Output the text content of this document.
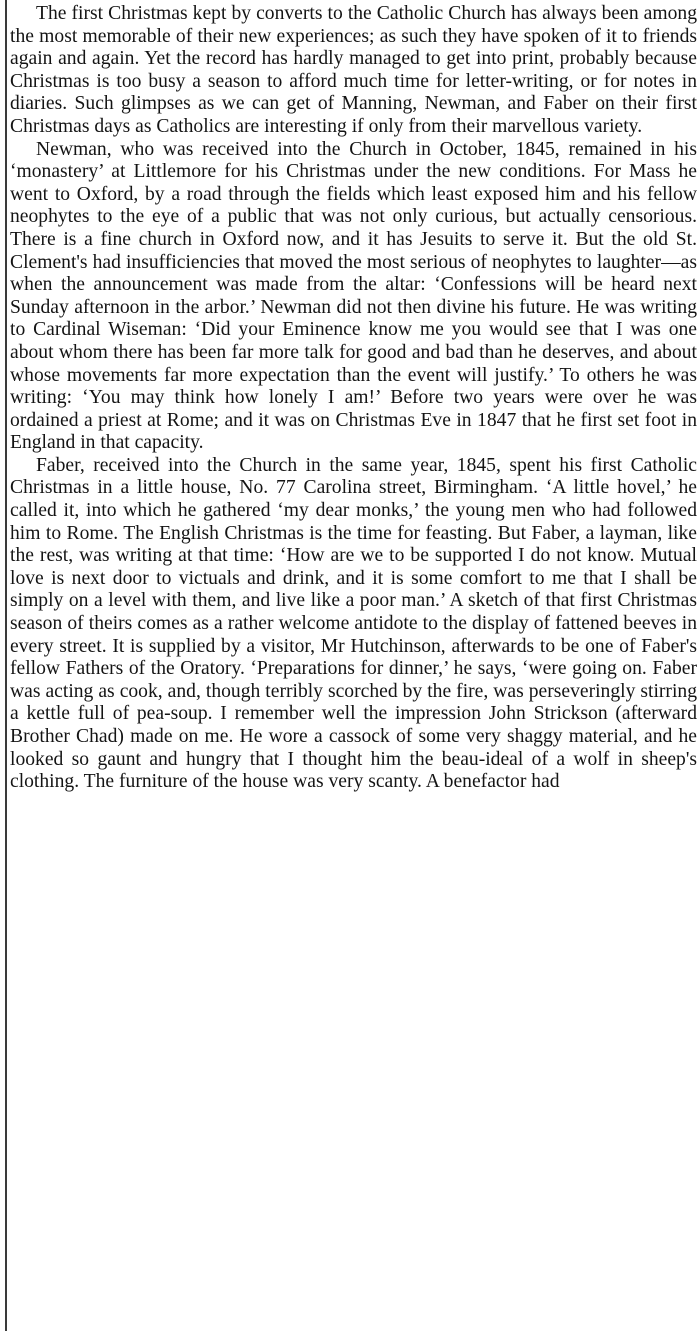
The first Christmas kept by converts to the Catholic Church has always been among the most memorable of their new experiences; as such they have spoken of it to friends again and again. Yet the record has hardly managed to get into print, probably because Christmas is too busy a season to afford much time for letter-writing, or for notes in diaries. Such glimpses as we can get of Manning, Newman, and Faber on their first Christmas days as Catholics are interesting if only from their marvellous variety.

Newman, who was received into the Church in October, 1845, remained in his ‘monastery’ at Littlemore for his Christmas under the new conditions. For Mass he went to Oxford, by a road through the fields which least exposed him and his fellow neophytes to the eye of a public that was not only curious, but actually censorious. There is a fine church in Oxford now, and it has Jesuits to serve it. But the old St. Clement's had insufficiencies that moved the most serious of neophytes to laughter—as when the announcement was made from the altar: ‘Confessions will be heard next Sunday afternoon in the arbor.’ Newman did not then divine his future. He was writing to Cardinal Wiseman: ‘Did your Eminence know me you would see that I was one about whom there has been far more talk for good and bad than he deserves, and about whose movements far more expectation than the event will justify.’ To others he was writing: ‘You may think how lonely I am!’ Before two years were over he was ordained a priest at Rome; and it was on Christmas Eve in 1847 that he first set foot in England in that capacity.

Faber, received into the Church in the same year, 1845, spent his first Catholic Christmas in a little house, No. 77 Carolina street, Birmingham. ‘A little hovel,’ he called it, into which he gathered ‘my dear monks,’ the young men who had followed him to Rome. The English Christmas is the time for feasting. But Faber, a layman, like the rest, was writing at that time: ‘How are we to be supported I do not know. Mutual love is next door to victuals and drink, and it is some comfort to me that I shall be simply on a level with them, and live like a poor man.’ A sketch of that first Christmas season of theirs comes as a rather welcome antidote to the display of fattened beeves in every street. It is supplied by a visitor, Mr Hutchinson, afterwards to be one of Faber's fellow Fathers of the Oratory. ‘Preparations for dinner,’ he says, ‘were going on. Faber was acting as cook, and, though terribly scorched by the fire, was perseveringly stirring a kettle full of pea-soup. I remember well the impression John Strickson (afterward Brother Chad) made on me. He wore a cassock of some very shaggy material, and he looked so gaunt and hungry that I thought him the beau-ideal of a wolf in sheep's clothing. The furniture of the house was very scanty. A benefactor had
